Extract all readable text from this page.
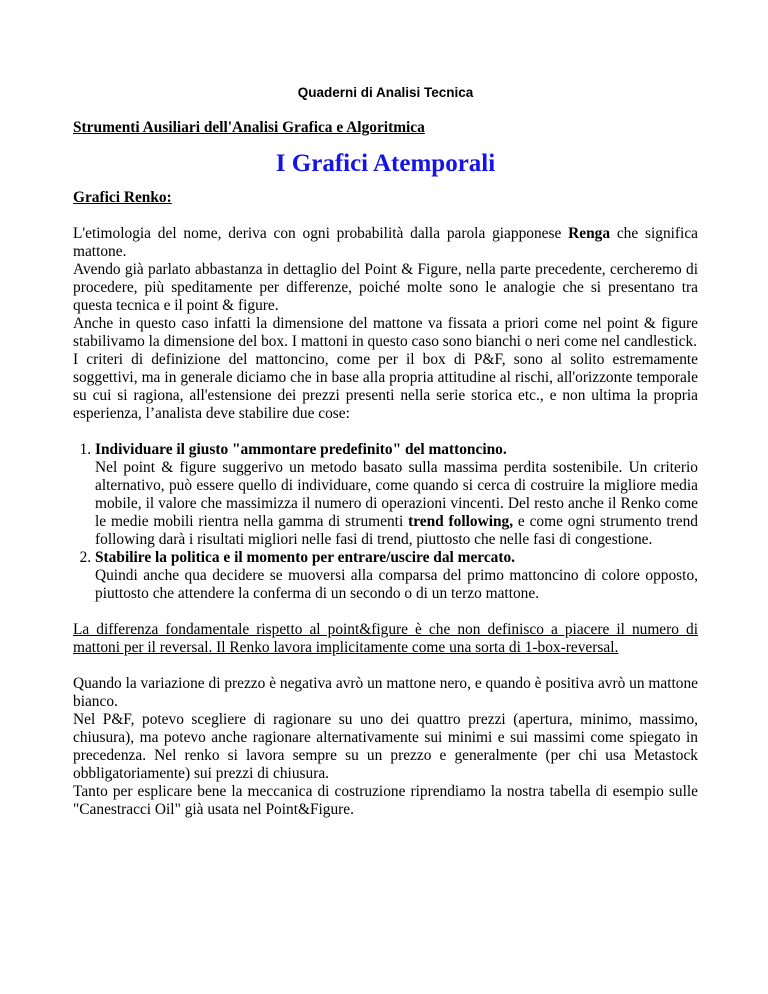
Quaderni di Analisi Tecnica
Strumenti Ausiliari dell'Analisi Grafica e Algoritmica
I Grafici Atemporali
Grafici Renko:

L'etimologia del nome, deriva con ogni probabilità dalla parola giapponese Renga che significa mattone.

Avendo già parlato abbastanza in dettaglio del Point & Figure, nella parte precedente, cercheremo di procedere, più speditamente per differenze, poiché molte sono le analogie che si presentano tra questa tecnica e il point & figure.

Anche in questo caso infatti la dimensione del mattone va fissata a priori come nel point & figure stabilivamo la dimensione del box. I mattoni in questo caso sono bianchi o neri come nel candlestick.

I criteri di definizione del mattoncino, come per il box di P&F, sono al solito estremamente soggettivi, ma in generale diciamo che in base alla propria attitudine al rischi, all'orizzonte temporale su cui si ragiona, all'estensione dei prezzi presenti nella serie storica etc., e non ultima la propria esperienza, l’analista deve stabilire due cose:

1. Individuare il giusto "ammontare predefinito" del mattoncino.
Nel point & figure suggerivo un metodo basato sulla massima perdita sostenibile. Un criterio alternativo, può essere quello di individuare, come quando si cerca di costruire la migliore media mobile, il valore che massimizza il numero di operazioni vincenti. Del resto anche il Renko come le medie mobili rientra nella gamma di strumenti trend following, e come ogni strumento trend following darà i risultati migliori nelle fasi di trend, piuttosto che nelle fasi di congestione.
2. Stabilire la politica e il momento per entrare/uscire dal mercato.
Quindi anche qua decidere se muoversi alla comparsa del primo mattoncino di colore opposto, piuttosto che attendere la conferma di un secondo o di un terzo mattone.

La differenza fondamentale rispetto al point&figure è che non definisco a piacere il numero di mattoni per il reversal. Il Renko lavora implicitamente come una sorta di 1-box-reversal.

Quando la variazione di prezzo è negativa avrò un mattone nero, e quando è positiva avrò un mattone bianco.

Nel P&F, potevo scegliere di ragionare su uno dei quattro prezzi (apertura, minimo, massimo, chiusura), ma potevo anche ragionare alternativamente sui minimi e sui massimi come spiegato in precedenza. Nel renko si lavora sempre su un prezzo e generalmente (per chi usa Metastock obbligatoriamente) sui prezzi di chiusura.

Tanto per esplicare bene la meccanica di costruzione riprendiamo la nostra tabella di esempio sulle "Canestracci Oil" già usata nel Point&Figure.
